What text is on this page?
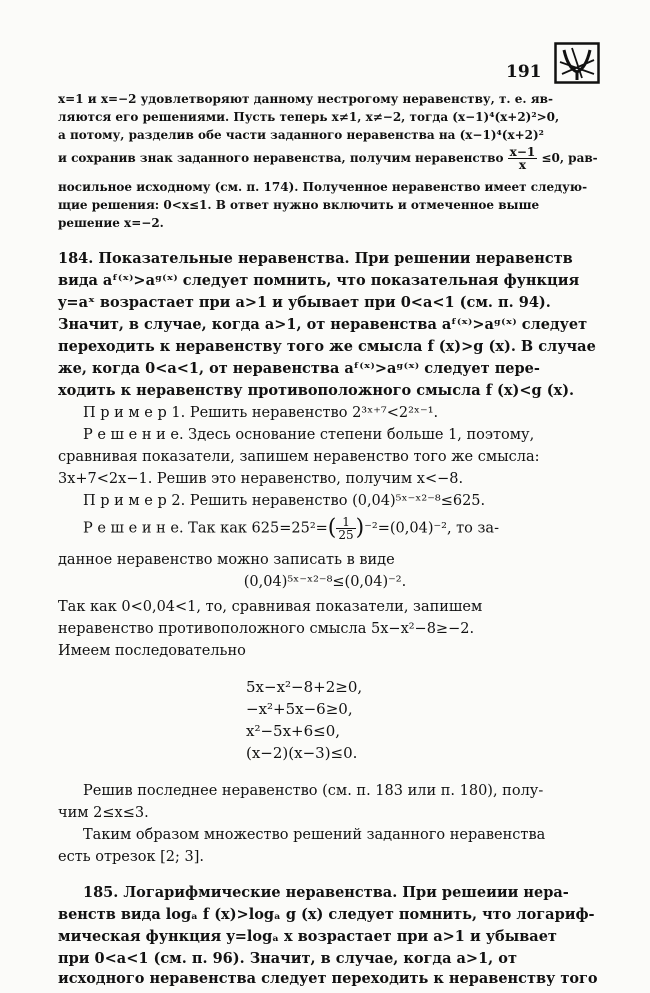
191
x=1 и x=−2 удовлетворяют данному нестрогому неравенству, т. е. яв-
ляются его решениями. Пусть теперь x≠1, x≠−2, тогда (x−1)⁴(x+2)²>0,
а потому, разделив обе части заданного неравенства на (x−1)⁴(x+2)²
и сохранив знак заданного неравенства, получим неравенство $\frac{x-1}{x} \le 0$, рав-
носильное исходному (см. п. 174). Полученное неравенство имеет следую-
щие решения: 0<x≤1. В ответ нужно включить и отмеченное выше
решение x=−2.
184. Показательные неравенства. При решении неравенств
вида aᶠ⁽ˣ⁾>aᵍ⁽ˣ⁾ следует помнить, что показательная функция
y=aˣ возрастает при a>1 и убывает при 0<a<1 (см. п. 94).
Значит, в случае, когда a>1, от неравенства aᶠ⁽ˣ⁾>aᵍ⁽ˣ⁾ следует
переходить к неравенству того же смысла f (x)>g (x). В случае
же, когда 0<a<1, от неравенства aᶠ⁽ˣ⁾>aᵍ⁽ˣ⁾ следует пере-
ходить к неравенству противоположного смысла f (x)<g (x).
П р и м е р 1. Решить неравенство 2³ˣ⁺⁷<2²ˣ⁻¹.
Р е ш е н и е. Здесь основание степени больше 1, поэтому,
сравнивая показатели, запишем неравенство того же смысла:
3x+7<2x−1. Решив это неравенство, получим x<−8.
П р и м е р 2. Решить неравенство (0,04)⁵ˣ⁻ˣ²⁻⁸≤625.
Р е ш е и н е. Так как $625=25^2=( \frac{1}{25} )^{-2}=(0,04)^{-2}$, то за-
данное неравенство можно записать в виде
(0,04)⁵ˣ⁻ˣ²⁻⁸≤(0,04)⁻².
Так как 0<0,04<1, то, сравнивая показатели, запишем
неравенство противоположного смысла 5x−x²−8≥−2.
Имеем последовательно
5x−x²−8+2≥0,
−x²+5x−6≥0,
x²−5x+6≤0,
(x−2)(x−3)≤0.
Решив последнее неравенство (см. п. 183 или п. 180), полу-
чим 2≤x≤3.
Таким образом множество решений заданного неравенства
есть отрезок [2; 3].
185. Логарифмические неравенства. При решеиии нера-
венств вида logₐ f (x)>logₐ g (x) следует помнить, что логариф-
мическая функция y=logₐ x возрастает при a>1 и убывает
при 0<a<1 (см. п. 96). Значит, в случае, когда a>1, от
исходного неравенства следует переходить к неравенству того
